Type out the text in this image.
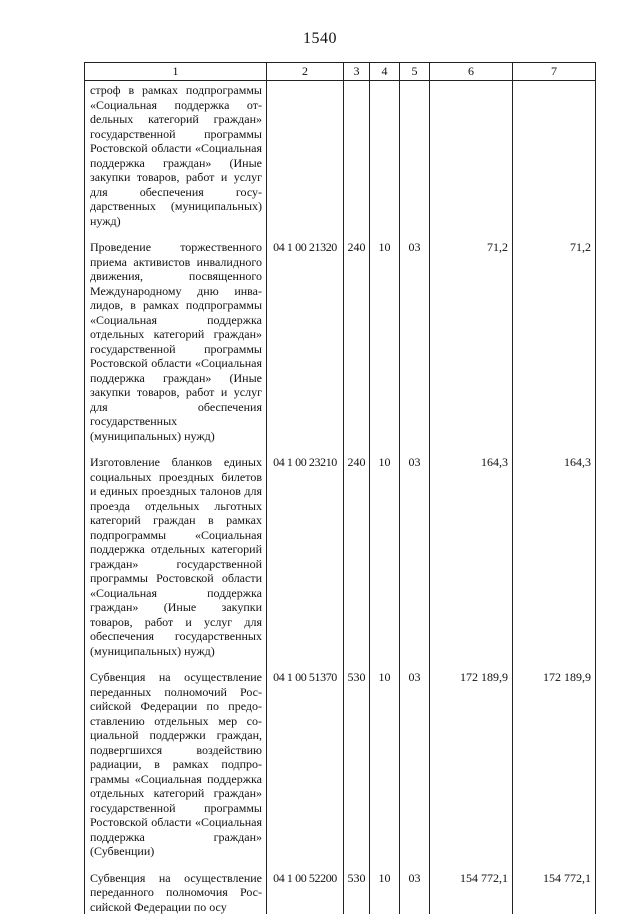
1540
1	2	3	4	5	6	7
строф в рамках подпрограммы «Социальная поддержка отdельных категорий граждан» государственной программы Ростовской области «Социальная поддержка граждан» (Иные закупки товаров, работ и услуг для обеспечения государственных (муниципальных) нужд)						
Проведение торжественного приема активистов инвалидного движения, посвященного Международному дню инвалидов, в рамках подпрограммы «Социальная поддержка отдельных категорий граждан» государственной программы Ростовской области «Социальная поддержка граждан» (Иные закупки товаров, работ и услуг для обеспечения государственных (муниципальных) нужд)	04 1 00 21320	240	10	03	71,2	71,2
Изготовление бланков единых социальных проездных билетов и единых проездных талонов для проезда отдельных льготных категорий граждан в рамках подпрограммы «Социальная поддержка отдельных категорий граждан» государственной программы Ростовской области «Социальная поддержка граждан» (Иные закупки товаров, работ и услуг для обеспечения государственных (муниципальных) нужд)	04 1 00 23210	240	10	03	164,3	164,3
Субвенция на осуществление переданных полномочий Российской Федерации по предоставлению отдельных мер социальной поддержки граждан, подвергшихся воздействию радиации, в рамках подпрограммы «Социальная поддержка отдельных категорий граждан» государственной программы Ростовской области «Социальная поддержка граждан» (Субвенции)	04 1 00 51370	530	10	03	172 189,9	172 189,9
Субвенция на осуществление переданного полномочия Российской Федерации по осу	04 1 00 52200	530	10	03	154 772,1	154 772,1
